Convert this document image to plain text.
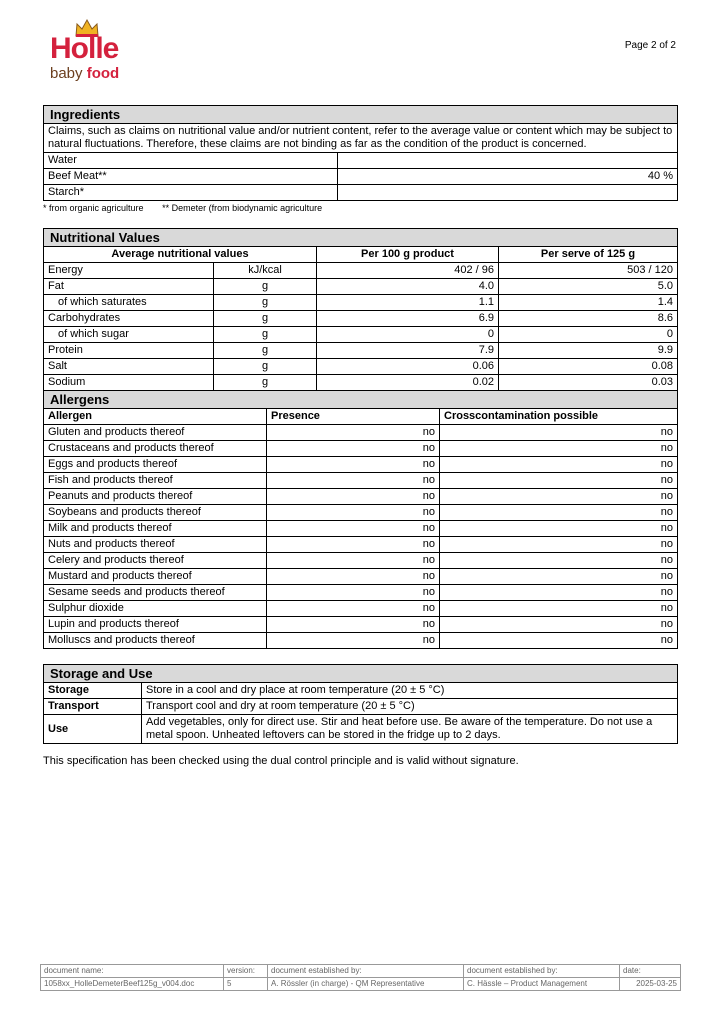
Holle
baby food
Page 2 of 2
Ingredients	
Claims, such as claims on nutritional value and/or nutrient content, refer to the average value or content which may be subject to natural fluctuations. Therefore, these claims are not binding as far as the condition of the product is concerned.	
Water	
Beef Meat**	40 %
Starch*	
* from organic agriculture ** Demeter (from biodynamic agriculture
Nutritional Values			
Average nutritional values		Per 100 g product	Per serve of 125 g
Energy	kJ/kcal	402 / 96	503 / 120
Fat	g	4.0	5.0
of which saturates	g	1.1	1.4
Carbohydrates	g	6.9	8.6
of which sugar	g	0	0
Protein	g	7.9	9.9
Salt	g	0.06	0.08
Sodium	g	0.02	0.03
Allergens		
Allergen	Presence	Crosscontamination possible
Gluten and products thereof	no	no
Crustaceans and products thereof	no	no
Eggs and products thereof	no	no
Fish and products thereof	no	no
Peanuts and products thereof	no	no
Soybeans and products thereof	no	no
Milk and products thereof	no	no
Nuts and products thereof	no	no
Celery and products thereof	no	no
Mustard and products thereof	no	no
Sesame seeds and products thereof	no	no
Sulphur dioxide	no	no
Lupin and products thereof	no	no
Molluscs and products thereof	no	no
Storage and Use	
Storage	Store in a cool and dry place at room temperature (20 ± 5 °C)
Transport	Transport cool and dry at room temperature (20 ± 5 °C)
Use	Add vegetables, only for direct use. Stir and heat before use. Be aware of the temperature. Do not use a metal spoon. Unheated leftovers can be stored in the fridge up to 2 days.
This specification has been checked using the dual control principle and is valid without signature.
document name:	version:	document established by:	document established by:	date:
1058xx_HolleDemeterBeef125g_v004.doc	5	A. Rössler (in charge) - QM Representative	C. Hässle – Product Management	2025-03-25
